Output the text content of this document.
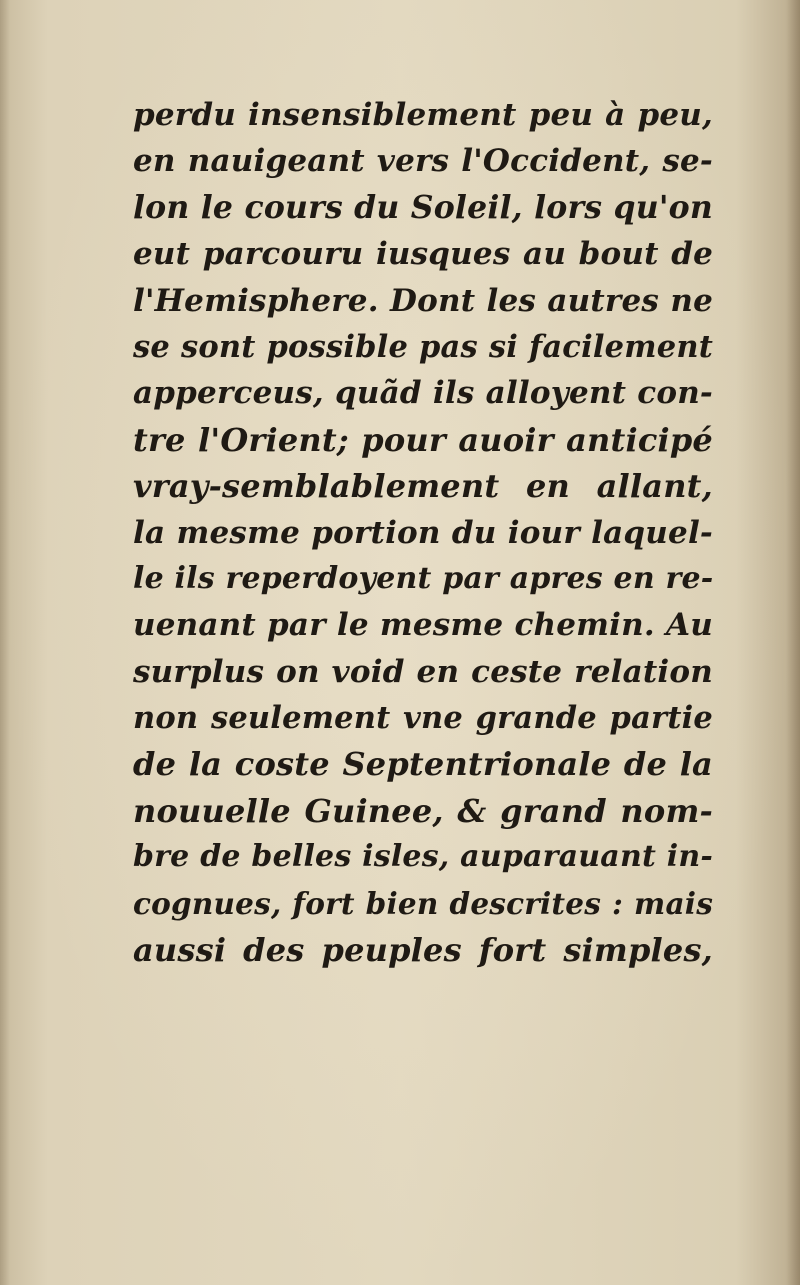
perdu insensiblement peu à peu,
en nauigeant vers l'Occident, se-
lon le cours du Soleil, lors qu'on
eut parcouru iusques au bout de
l'Hemisphere. Dont les autres ne
se sont possible pas si facilement
apperceus, quãd ils alloyent con-
tre l'Orient; pour auoir anticipé
vray-semblablement en allant,
la mesme portion du iour laquel-
le ils reperdoyent par apres en re-
uenant par le mesme chemin. Au
surplus on void en ceste relation
non seulement vne grande partie
de la coste Septentrionale de la
nouuelle Guinee, & grand nom-
bre de belles isles, auparauant in-
cognues, fort bien descrites : mais
aussi des peuples fort simples,
